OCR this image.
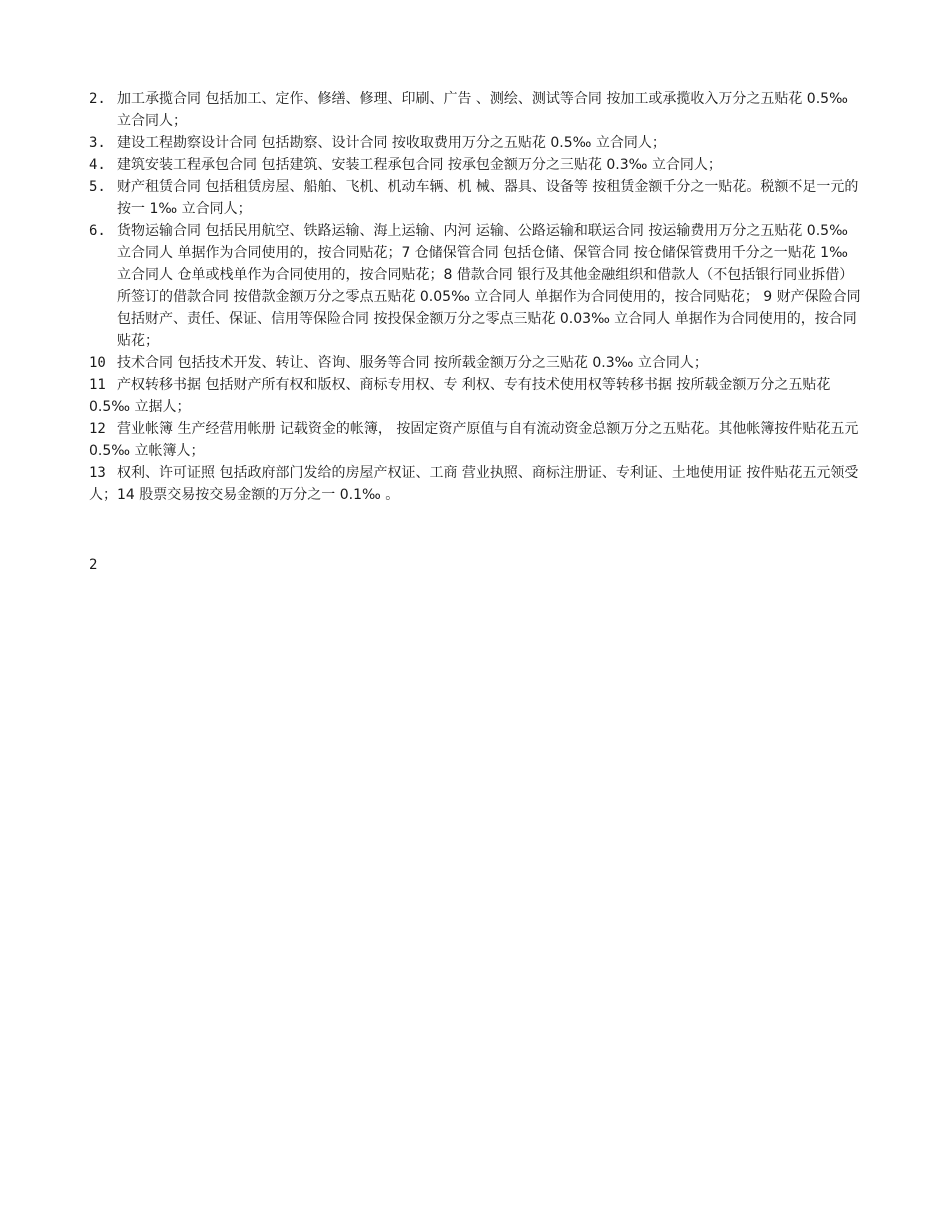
2. 加工承揽合同 包括加工、定作、修缮、修理、印刷、广告 、测绘、测试等合同 按加工或承揽收入万分之五贴花 0.5‰ 立合同人；
3. 建设工程勘察设计合同 包括勘察、设计合同 按收取费用万分之五贴花 0.5‰ 立合同人；
4. 建筑安装工程承包合同 包括建筑、安装工程承包合同 按承包金额万分之三贴花 0.3‰ 立合同人；
5. 财产租赁合同 包括租赁房屋、船舶、飞机、机动车辆、机 械、器具、设备等 按租赁金额千分之一贴花。税额不足一元的按一 1‰ 立合同人；
6. 货物运输合同 包括民用航空、铁路运输、海上运输、内河 运输、公路运输和联运合同 按运输费用万分之五贴花 0.5‰ 立合同人 单据作为合同使用的，按合同贴花；7 仓储保管合同 包括仓储、保管合同 按仓储保管费用千分之一贴花 1‰ 立合同人 仓单或栈单作为合同使用的，按合同贴花；8 借款合同 银行及其他金融组织和借款人（不包括银行同业拆借）所签订的借款合同 按借款金额万分之零点五贴花 0.05‰ 立合同人 单据作为合同使用的，按合同贴花； 9 财产保险合同 包括财产、责任、保证、信用等保险合同 按投保金额万分之零点三贴花 0.03‰ 立合同人 单据作为合同使用的，按合同贴花；
10 技术合同 包括技术开发、转让、咨询、服务等合同 按所载金额万分之三贴花 0.3‰ 立合同人；
11 产权转移书据 包括财产所有权和版权、商标专用权、专 利权、专有技术使用权等转移书据 按所载金额万分之五贴花 0.5‰ 立据人；
12 营业帐簿 生产经营用帐册 记载资金的帐簿， 按固定资产原值与自有流动资金总额万分之五贴花。其他帐簿按件贴花五元 0.5‰ 立帐簿人；
13 权利、许可证照 包括政府部门发给的房屋产权证、工商 营业执照、商标注册证、专利证、土地使用证 按件贴花五元领受人；14 股票交易按交易金额的万分之一 0.1‰ 。
2
